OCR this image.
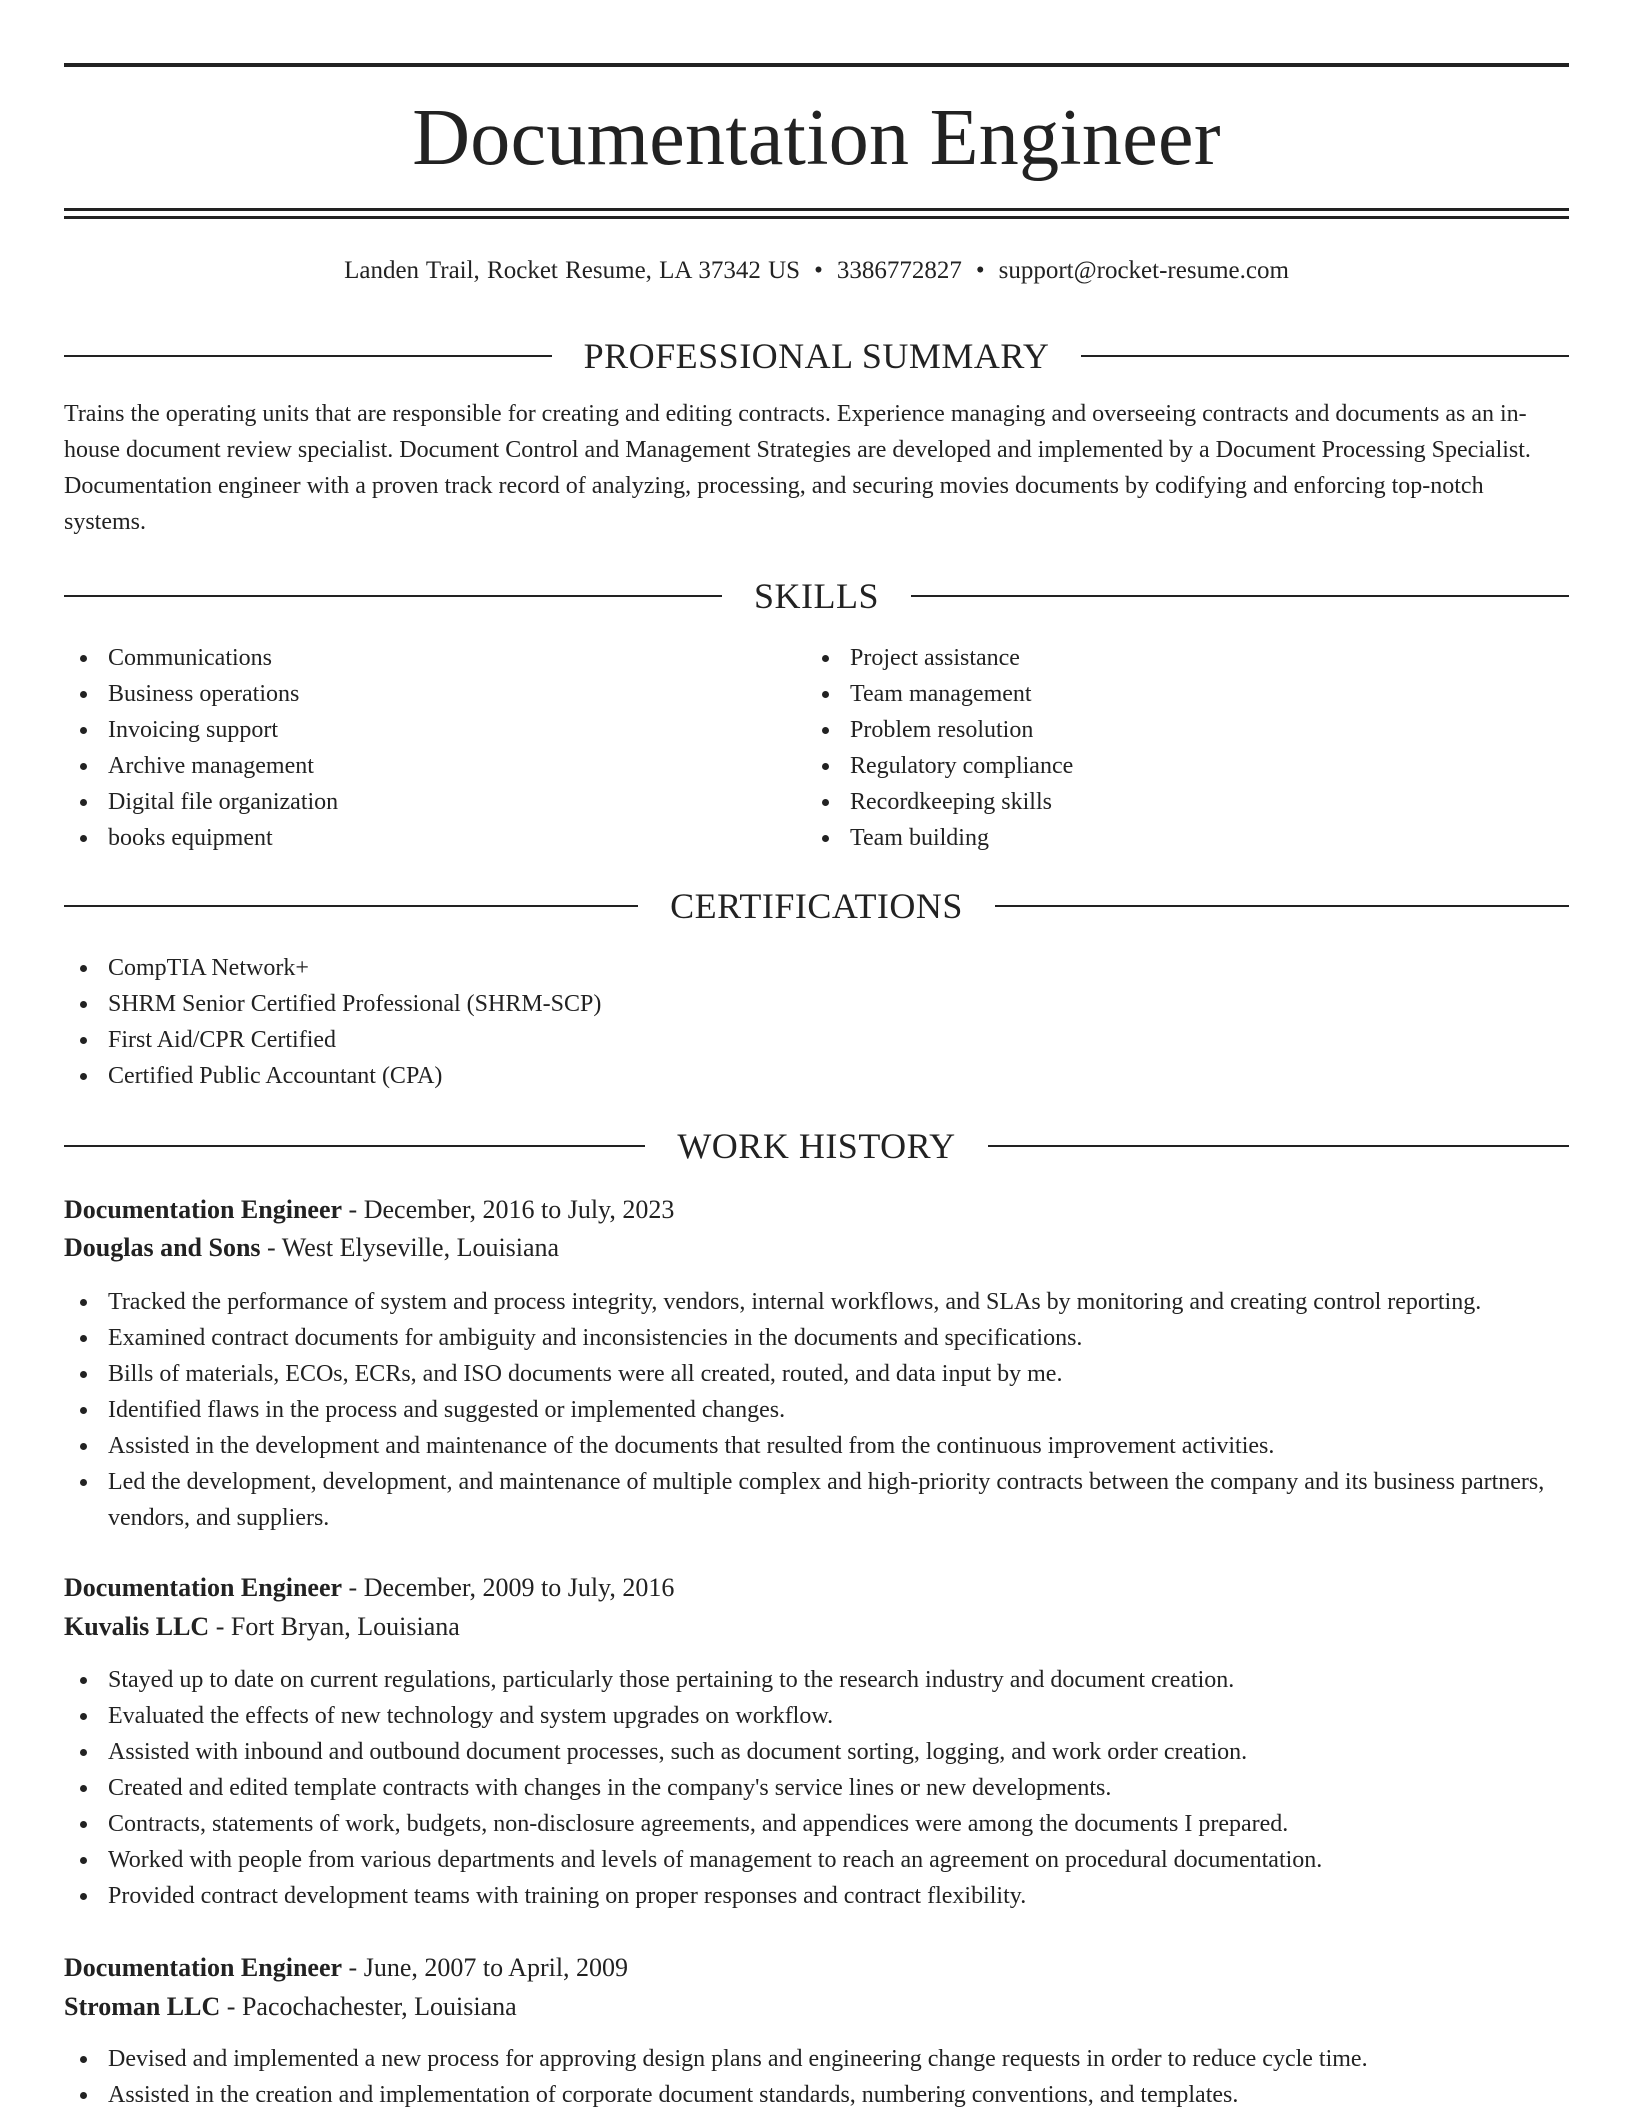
Documentation Engineer
Landen Trail, Rocket Resume, LA 37342 US • 3386772827 • support@rocket-resume.com
PROFESSIONAL SUMMARY
Trains the operating units that are responsible for creating and editing contracts. Experience managing and overseeing contracts and documents as an in-house document review specialist. Document Control and Management Strategies are developed and implemented by a Document Processing Specialist. Documentation engineer with a proven track record of analyzing, processing, and securing movies documents by codifying and enforcing top-notch systems.
SKILLS
Communications
Business operations
Invoicing support
Archive management
Digital file organization
books equipment
Project assistance
Team management
Problem resolution
Regulatory compliance
Recordkeeping skills
Team building
CERTIFICATIONS
CompTIA Network+
SHRM Senior Certified Professional (SHRM-SCP)
First Aid/CPR Certified
Certified Public Accountant (CPA)
WORK HISTORY
Documentation Engineer - December, 2016 to July, 2023
Douglas and Sons - West Elyseville, Louisiana
Tracked the performance of system and process integrity, vendors, internal workflows, and SLAs by monitoring and creating control reporting.
Examined contract documents for ambiguity and inconsistencies in the documents and specifications.
Bills of materials, ECOs, ECRs, and ISO documents were all created, routed, and data input by me.
Identified flaws in the process and suggested or implemented changes.
Assisted in the development and maintenance of the documents that resulted from the continuous improvement activities.
Led the development, development, and maintenance of multiple complex and high-priority contracts between the company and its business partners, vendors, and suppliers.
Documentation Engineer - December, 2009 to July, 2016
Kuvalis LLC - Fort Bryan, Louisiana
Stayed up to date on current regulations, particularly those pertaining to the research industry and document creation.
Evaluated the effects of new technology and system upgrades on workflow.
Assisted with inbound and outbound document processes, such as document sorting, logging, and work order creation.
Created and edited template contracts with changes in the company's service lines or new developments.
Contracts, statements of work, budgets, non-disclosure agreements, and appendices were among the documents I prepared.
Worked with people from various departments and levels of management to reach an agreement on procedural documentation.
Provided contract development teams with training on proper responses and contract flexibility.
Documentation Engineer - June, 2007 to April, 2009
Stroman LLC - Pacochachester, Louisiana
Devised and implemented a new process for approving design plans and engineering change requests in order to reduce cycle time.
Assisted in the creation and implementation of corporate document standards, numbering conventions, and templates.
